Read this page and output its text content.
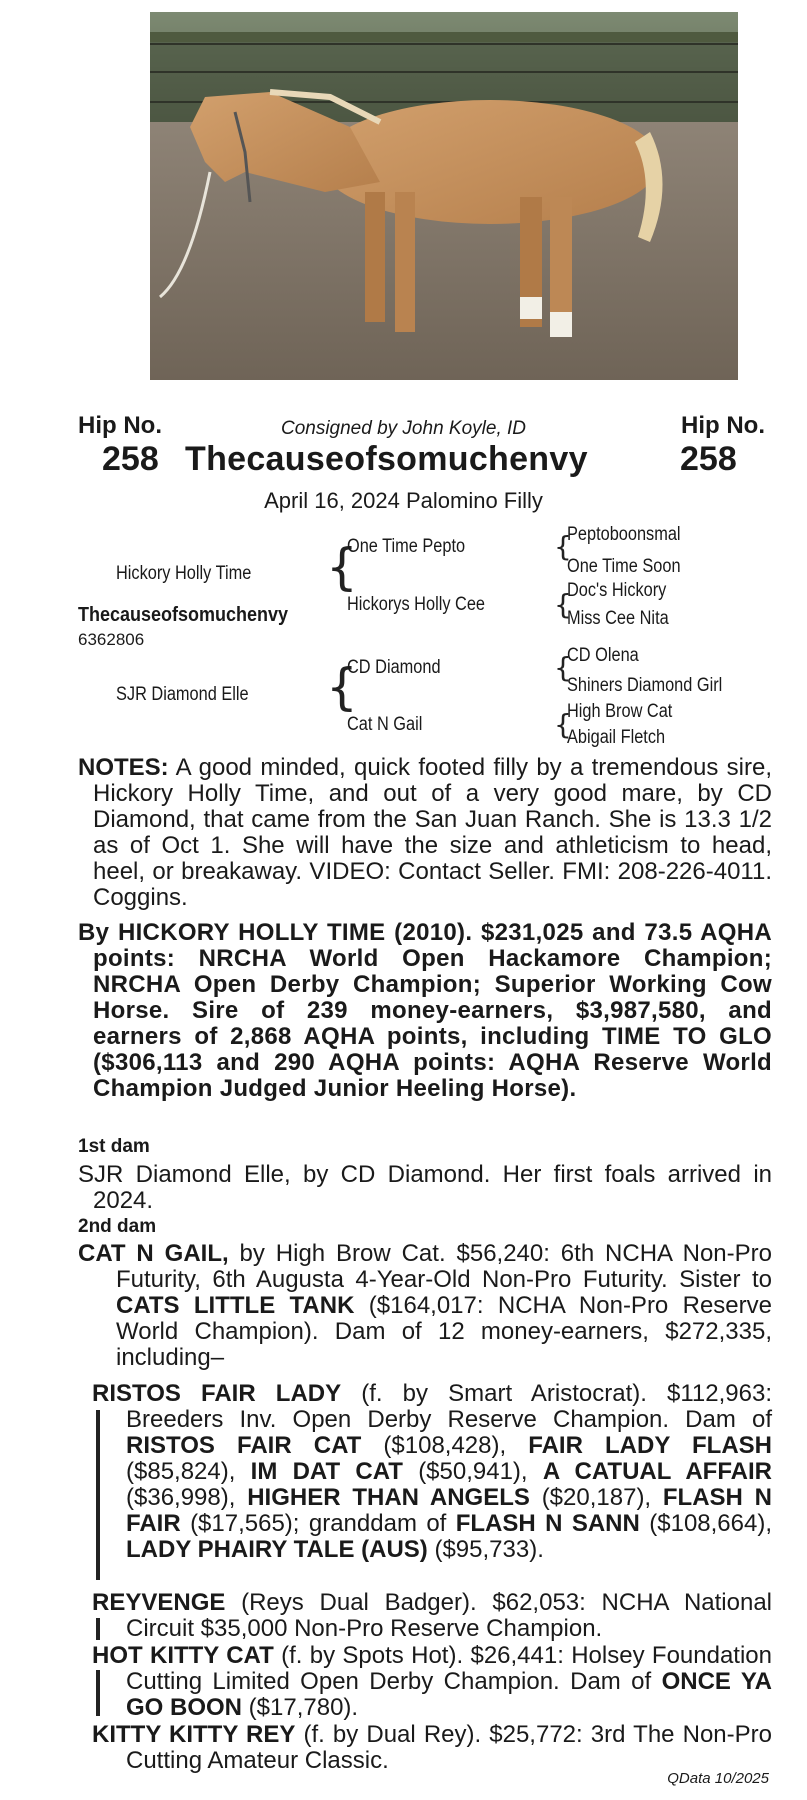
Hip No.	Hip No.
Consigned by John Koyle, ID
258 Thecauseofsomuchenvy	258
April 16, 2024 Palomino Filly
Hickory Holly Time
Thecauseofsomuchenvy
6362806
SJR Diamond Elle
{
{
One Time Pepto
Hickorys Holly Cee
CD Diamond
Cat N Gail
{
{
{
{
Peptoboonsmal
One Time Soon
Doc's Hickory
Miss Cee Nita
CD Olena
Shiners Diamond Girl
High Brow Cat
Abigail Fletch

NOTES: A good minded, quick footed filly by a tremendous sire, Hickory Holly Time, and out of a very good mare, by CD Diamond, that came from the San Juan Ranch. She is 13.3 1/2 as of Oct 1. She will have the size and athleticism to head, heel, or breakaway. VIDEO: Contact Seller. FMI: 208-226-4011. Coggins.

By HICKORY HOLLY TIME (2010). $231,025 and 73.5 AQHA points: NRCHA World Open Hackamore Champion; NRCHA Open Derby Champion; Superior Working Cow Horse. Sire of 239 money-earners, $3,987,580, and earners of 2,868 AQHA points, including TIME TO GLO ($306,113 and 290 AQHA points: AQHA Reserve World Champion Judged Junior Heeling Horse).

1st dam

SJR Diamond Elle, by CD Diamond. Her first foals arrived in 2024.

2nd dam

CAT N GAIL, by High Brow Cat. $56,240: 6th NCHA Non-Pro Futurity, 6th Augusta 4-Year-Old Non-Pro Futurity. Sister to CATS LITTLE TANK ($164,017: NCHA Non-Pro Reserve World Champion). Dam of 12 money-earners, $272,335, including–

RISTOS FAIR LADY (f. by Smart Aristocrat). $112,963: Breeders Inv. Open Derby Reserve Champion. Dam of RISTOS FAIR CAT ($108,428), FAIR LADY FLASH ($85,824), IM DAT CAT ($50,941), A CATUAL AFFAIR ($36,998), HIGHER THAN ANGELS ($20,187), FLASH N FAIR ($17,565); granddam of FLASH N SANN ($108,664), LADY PHAIRY TALE (AUS) ($95,733).
REYVENGE (Reys Dual Badger). $62,053: NCHA National Circuit $35,000 Non-Pro Reserve Champion.
HOT KITTY CAT (f. by Spots Hot). $26,441: Holsey Foundation Cutting Limited Open Derby Champion. Dam of ONCE YA GO BOON ($17,780).
KITTY KITTY REY (f. by Dual Rey). $25,772: 3rd The Non-Pro Cutting Amateur Classic.
QData 10/2025
